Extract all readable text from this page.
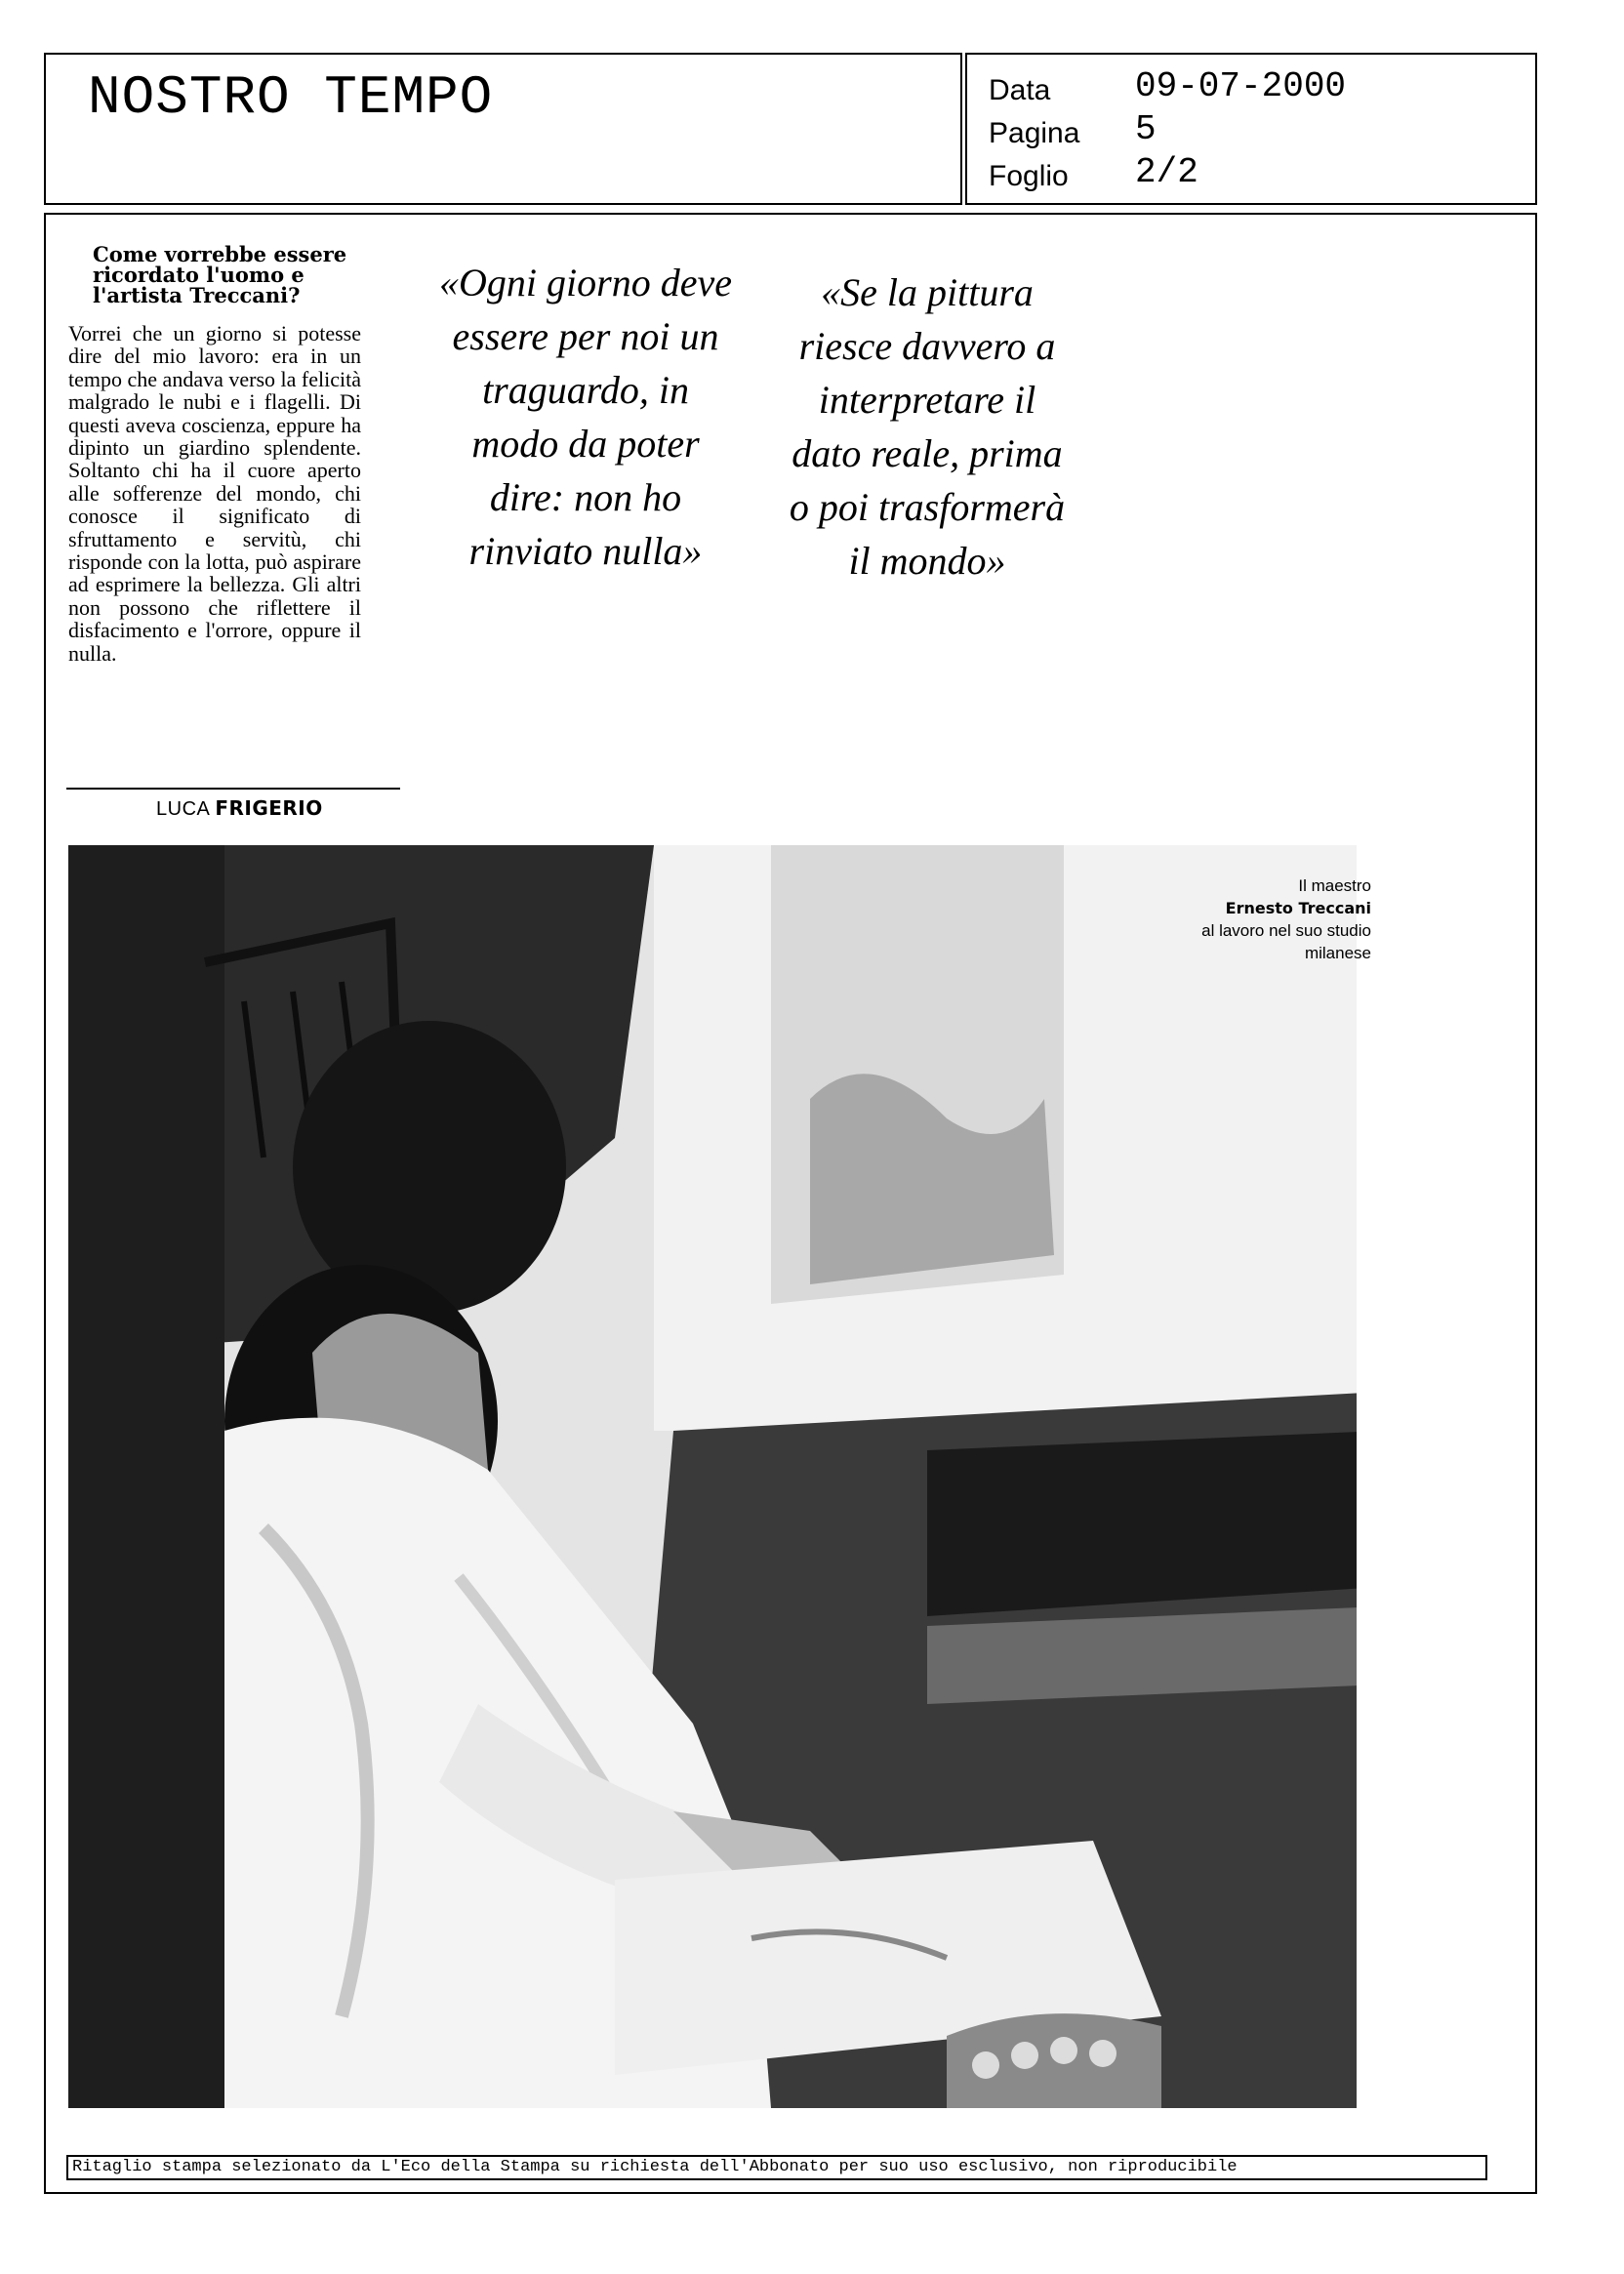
NOSTRO TEMPO	Data 09-07-2000
Pagina 5
Foglio 2/2
Come vorrebbe essere ricordato l'uomo e l'artista Treccani?
Vorrei che un giorno si potesse dire del mio lavoro: era in un tempo che andava verso la felicità malgrado le nubi e i flagelli. Di questi aveva coscienza, eppure ha dipinto un giardino splendente. Soltanto chi ha il cuore aperto alle sofferenze del mondo, chi conosce il significato di sfruttamento e servitù, chi risponde con la lotta, può aspirare ad esprimere la bellezza. Gli altri non possono che riflettere il disfacimento e l'orrore, oppure il nulla.
LUCA FRIGERIO
«Ogni giorno deve essere per noi un traguardo, in modo da poter dire: non ho rinviato nulla»
«Se la pittura riesce davvero a interpretare il dato reale, prima o poi trasformerà il mondo»
Il maestro
Ernesto Treccani
al lavoro nel suo studio
milanese
Ritaglio stampa selezionato da L'Eco della Stampa su richiesta dell'Abbonato per suo uso esclusivo, non riproducibile
